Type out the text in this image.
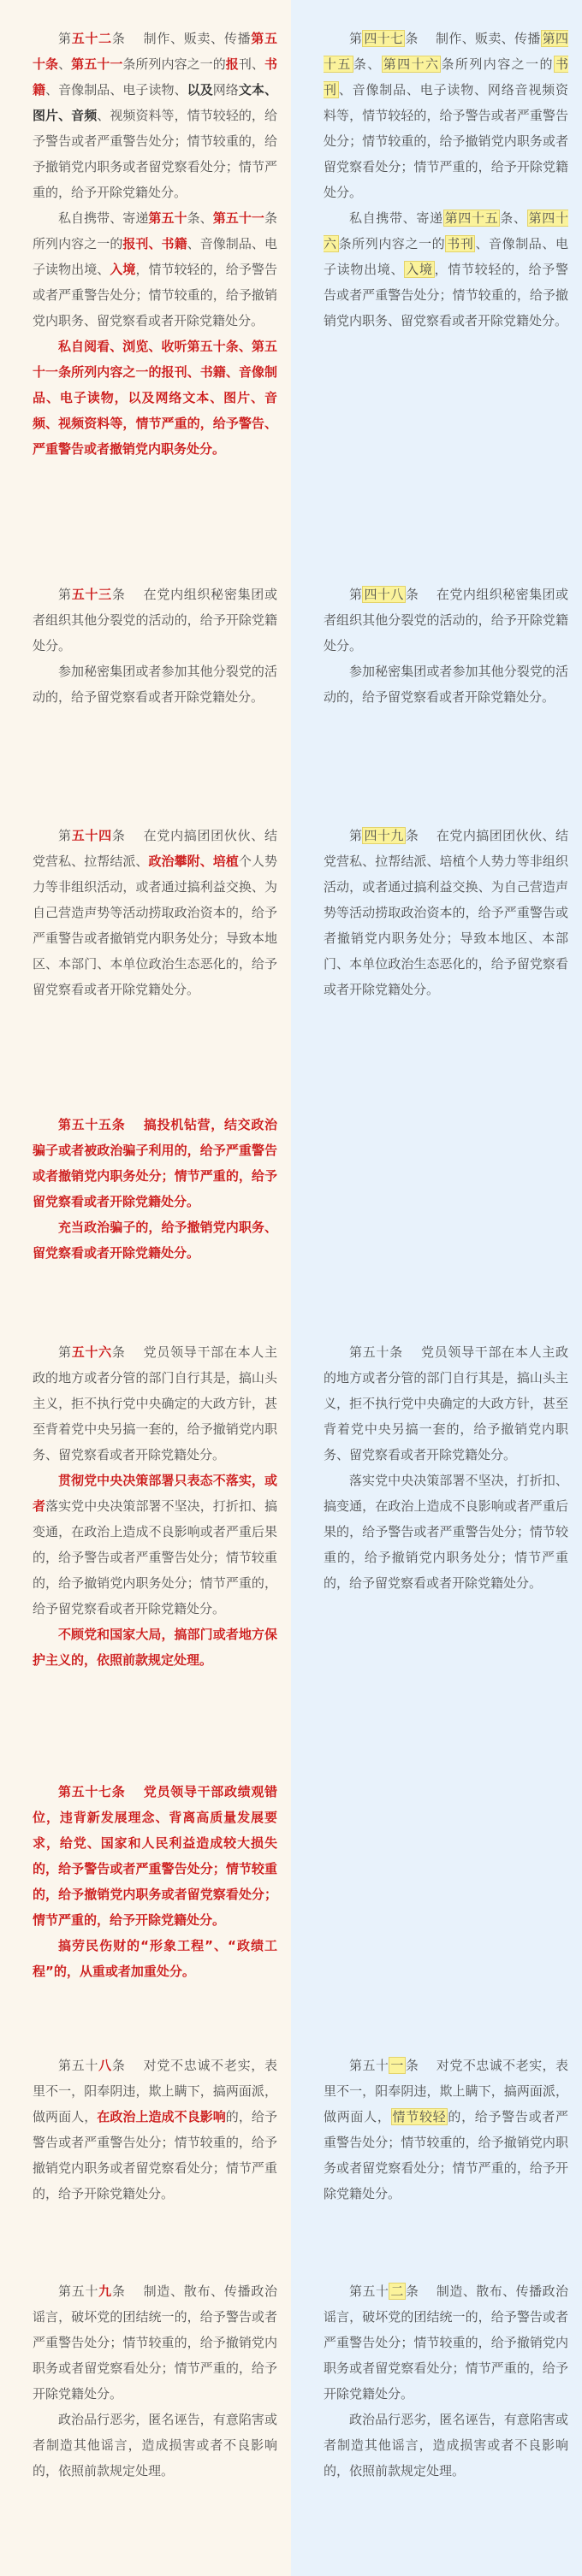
第五十二条　 制作、贩卖、传播第五十条、第五十一条所列内容之一的报刊、书籍、音像制品、电子读物、以及网络文本、图片、音频、视频资料等，情节较轻的，给予警告或者严重警告处分；情节较重的，给予撤销党内职务或者留党察看处分；情节严重的，给予开除党籍处分。

私自携带、寄递第五十条、第五十一条所列内容之一的报刊、书籍、音像制品、电子读物出境、入境，情节较轻的，给予警告或者严重警告处分；情节较重的，给予撤销党内职务、留党察看或者开除党籍处分。

私自阅看、浏览、收听第五十条、第五十一条所列内容之一的报刊、书籍、音像制品、电子读物，以及网络文本、图片、音频、视频资料等，情节严重的，给予警告、严重警告或者撤销党内职务处分。

第五十三条　 在党内组织秘密集团或者组织其他分裂党的活动的，给予开除党籍处分。

参加秘密集团或者参加其他分裂党的活动的，给予留党察看或者开除党籍处分。

第五十四条　 在党内搞团团伙伙、结党营私、拉帮结派、政治攀附、培植个人势力等非组织活动，或者通过搞利益交换、为自己营造声势等活动捞取政治资本的，给予严重警告或者撤销党内职务处分；导致本地区、本部门、本单位政治生态恶化的，给予留党察看或者开除党籍处分。

第五十五条　 搞投机钻营，结交政治骗子或者被政治骗子利用的，给予严重警告或者撤销党内职务处分；情节严重的，给予留党察看或者开除党籍处分。

充当政治骗子的，给予撤销党内职务、留党察看或者开除党籍处分。

第五十六条　 党员领导干部在本人主政的地方或者分管的部门自行其是，搞山头主义，拒不执行党中央确定的大政方针，甚至背着党中央另搞一套的，给予撤销党内职务、留党察看或者开除党籍处分。

贯彻党中央决策部署只表态不落实，或者落实党中央决策部署不坚决，打折扣、搞变通，在政治上造成不良影响或者严重后果的，给予警告或者严重警告处分；情节较重的，给予撤销党内职务处分；情节严重的，给予留党察看或者开除党籍处分。

不顾党和国家大局，搞部门或者地方保护主义的，依照前款规定处理。

第五十七条　 党员领导干部政绩观错位，违背新发展理念、背离高质量发展要求，给党、国家和人民利益造成较大损失的，给予警告或者严重警告处分；情节较重的，给予撤销党内职务或者留党察看处分；情节严重的，给予开除党籍处分。

搞劳民伤财的“形象工程”、“政绩工程”的，从重或者加重处分。

第五十八条　 对党不忠诚不老实，表里不一，阳奉阴违，欺上瞒下，搞两面派，做两面人，在政治上造成不良影响的，给予警告或者严重警告处分；情节较重的，给予撤销党内职务或者留党察看处分；情节严重的，给予开除党籍处分。

第五十九条　 制造、散布、传播政治谣言，破坏党的团结统一的，给予警告或者严重警告处分；情节较重的，给予撤销党内职务或者留党察看处分；情节严重的，给予开除党籍处分。

政治品行恶劣，匿名诬告，有意陷害或者制造其他谣言，造成损害或者不良影响的，依照前款规定处理。

第 四十七 条　 制作、贩卖、传播 第四十五 条、 第四十六 条所列内容之一的 书刊 、音像制品、电子读物、网络音视频资料等，情节较轻的，给予警告或者严重警告处分；情节较重的，给予撤销党内职务或者留党察看处分；情节严重的，给予开除党籍处分。

私自携带、寄递 第四十五 条、 第四十六 条所列内容之一的 书刊 、音像制品、电子读物出境、 入境 ，情节较轻的，给予警告或者严重警告处分；情节较重的，给予撤销党内职务、留党察看或者开除党籍处分。

第 四十八 条　 在党内组织秘密集团或者组织其他分裂党的活动的，给予开除党籍处分。

参加秘密集团或者参加其他分裂党的活动的，给予留党察看或者开除党籍处分。

第 四十九 条　 在党内搞团团伙伙、结党营私、拉帮结派、培植个人势力等非组织活动，或者通过搞利益交换、为自己营造声势等活动捞取政治资本的，给予严重警告或者撤销党内职务处分；导致本地区、本部门、本单位政治生态恶化的，给予留党察看或者开除党籍处分。

第五十条　 党员领导干部在本人主政的地方或者分管的部门自行其是，搞山头主义，拒不执行党中央确定的大政方针，甚至背着党中央另搞一套的，给予撤销党内职务、留党察看或者开除党籍处分。

落实党中央决策部署不坚决，打折扣、搞变通，在政治上造成不良影响或者严重后果的，给予警告或者严重警告处分；情节较重的，给予撤销党内职务处分；情节严重的，给予留党察看或者开除党籍处分。

第五十 一 条　 对党不忠诚不老实，表里不一，阳奉阴违，欺上瞒下，搞两面派，做两面人， 情节较轻 的，给予警告或者严重警告处分；情节较重的，给予撤销党内职务或者留党察看处分；情节严重的，给予开除党籍处分。

第五十 二 条　 制造、散布、传播政治谣言，破坏党的团结统一的，给予警告或者严重警告处分；情节较重的，给予撤销党内职务或者留党察看处分；情节严重的，给予开除党籍处分。

政治品行恶劣，匿名诬告，有意陷害或者制造其他谣言，造成损害或者不良影响的，依照前款规定处理。
